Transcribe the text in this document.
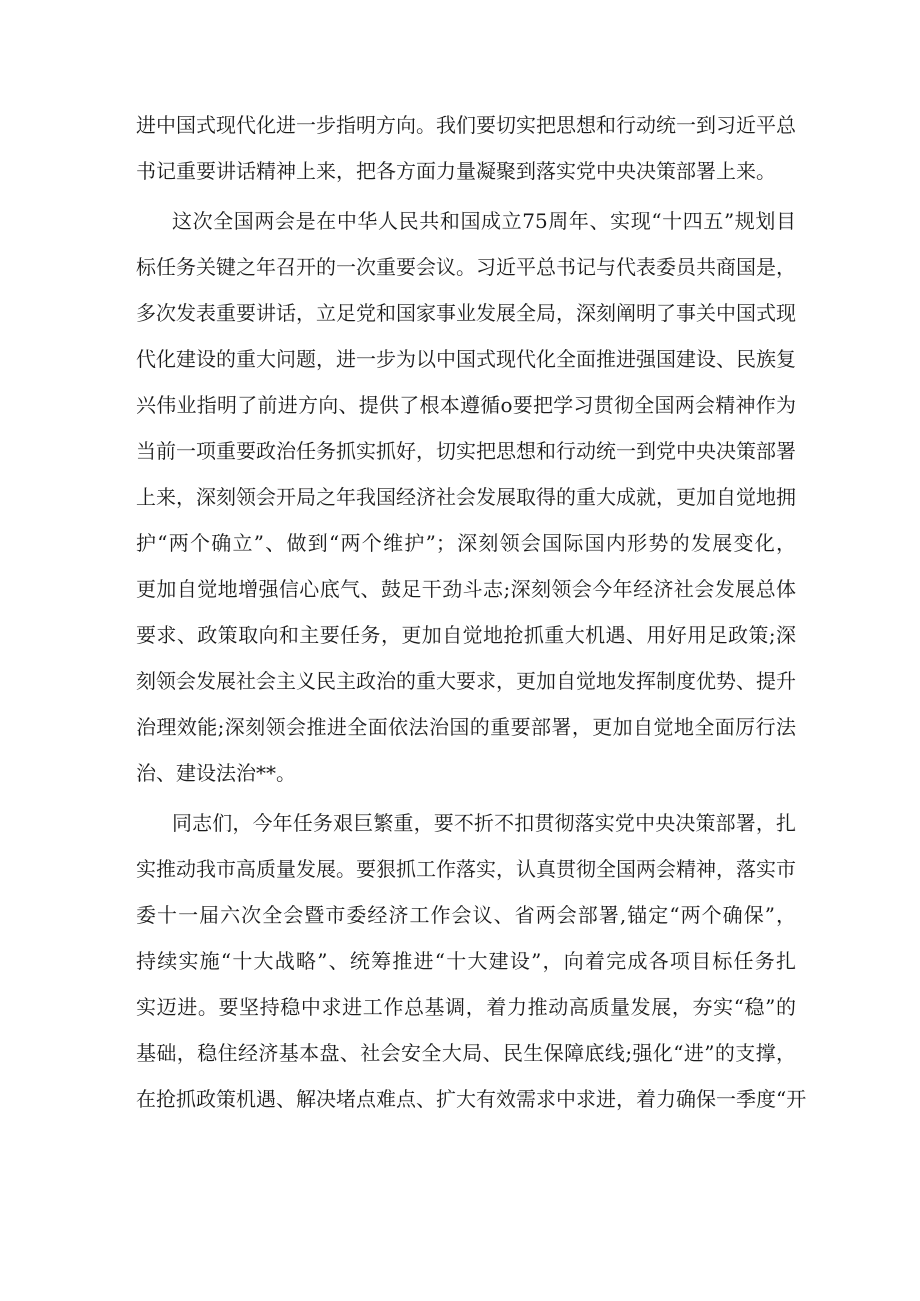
进中国式现代化进一步指明方向。我们要切实把思想和行动统一到习近平总
书记重要讲话精神上来，把各方面力量凝聚到落实党中央决策部署上来。
这次全国两会是在中华人民共和国成立75周年、实现“十四五”规划目
标任务关键之年召开的一次重要会议。习近平总书记与代表委员共商国是，
多次发表重要讲话，立足党和国家事业发展全局，深刻阐明了事关中国式现
代化建设的重大问题，进一步为以中国式现代化全面推进强国建设、民族复
兴伟业指明了前进方向、提供了根本遵循o要把学习贯彻全国两会精神作为
当前一项重要政治任务抓实抓好，切实把思想和行动统一到党中央决策部署
上来，深刻领会开局之年我国经济社会发展取得的重大成就，更加自觉地拥
护“两个确立”、做到“两个维护”；深刻领会国际国内形势的发展变化，
更加自觉地增强信心底气、鼓足干劲斗志;深刻领会今年经济社会发展总体
要求、政策取向和主要任务，更加自觉地抢抓重大机遇、用好用足政策;深
刻领会发展社会主义民主政治的重大要求，更加自觉地发挥制度优势、提升
治理效能;深刻领会推进全面依法治国的重要部署，更加自觉地全面厉行法
治、建设法治**。
同志们，今年任务艰巨繁重，要不折不扣贯彻落实党中央决策部署，扎
实推动我市高质量发展。要狠抓工作落实，认真贯彻全国两会精神，落实市
委十一届六次全会暨市委经济工作会议、省两会部署,锚定“两个确保”，
持续实施“十大战略”、统筹推进“十大建设”，向着完成各项目标任务扎
实迈进。要坚持稳中求进工作总基调，着力推动高质量发展，夯实“稳”的
基础，稳住经济基本盘、社会安全大局、民生保障底线;强化“进”的支撑，
在抢抓政策机遇、解决堵点难点、扩大有效需求中求进，着力确保一季度“开
